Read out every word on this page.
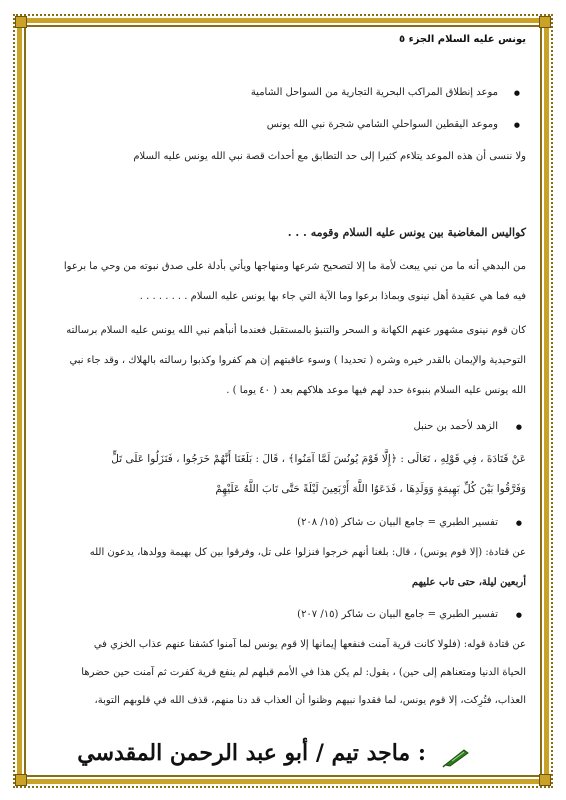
يونس عليه السلام الجزء ٥
● موعد إنطلاق المراكب البحرية التجارية من السواحل الشامية
● وموعد اليقطين السواحلي الشامي شجرة نبي الله يونس
ولا ننسى أن هذه الموعد يتلاءم كثيرا إلى حد التطابق مع أحداث قصة نبي الله يونس عليه السلام
كواليس المغاضبة بين يونس عليه السلام وقومه . . .
من البدهي أنه ما من نبي يبعث لأمة ما إلا لتصحيح شرعها ومنهاجها ويأتي بأدلة على صدق نبوته من وحي ما برعوا
فيه فما هي عقيدة أهل نينوى وبماذا برعوا وما الآية التي جاء بها يونس عليه السلام . . . . . . . .
كان قوم نينوى مشهور عنهم الكهانة و السحر والتنبؤ بالمستقبل فعندما أنبأهم نبي الله يونس عليه السلام برسالته
التوحيدية والإيمان بالقدر خيره وشره ( تحديدا ) وسوء عاقبتهم إن هم كفروا وكذبوا رسالته بالهلاك ، وقد جاء نبي
الله يونس عليه السلام بنبوءة حدد لهم فيها موعد هلاكهم بعد ( ٤٠ يوما ) .
● الزهد لأحمد بن حنبل
عَنْ قَتَادَةَ ، فِي قَوْلِهِ ، تَعَالَى : ﴿إِلَّا قَوْمَ يُونُسَ لَمَّا آمَنُوا﴾ ، قَالَ : بَلَغَنَا أَنَّهُمْ خَرَجُوا ، فَنَزَلُوا عَلَى تَلٍّ
وَفَرَّقُوا بَيْنَ كُلِّ بَهِيمَةٍ وَوَلَدِهَا ، فَدَعَوُا اللَّهَ أَرْبَعِينَ لَيْلَةً حَتَّى تَابَ اللَّهُ عَلَيْهِمْ
● تفسير الطبري = جامع البيان ت شاكر (١٥/ ٢٠٨)
عن قتادة: (إلا قوم يونس) ، قال: بلغنا أنهم خرجوا فنزلوا على تل، وفرقوا بين كل بهيمة وولدها، يدعون الله
أربعين ليلة، حتى تاب عليهم
● تفسير الطبري = جامع البيان ت شاكر (١٥/ ٢٠٧)
عن قتادة قوله: (فلولا كانت قرية آمنت فنفعها إيمانها إلا قوم يونس لما آمنوا كشفنا عنهم عذاب الخزي في
الحياة الدنيا ومتعناهم إلى حين) ، يقول: لم يكن هذا في الأمم قبلهم لم ينفع قرية كفرت ثم آمنت حين حضرها
العذاب، فتُرِكت، إلا قوم يونس، لما فقدوا نبيهم وظنوا أن العذاب قد دنا منهم، قذف الله في قلوبهم التوبة،
: ماجد تيم / أبو عبد الرحمن المقدسي
